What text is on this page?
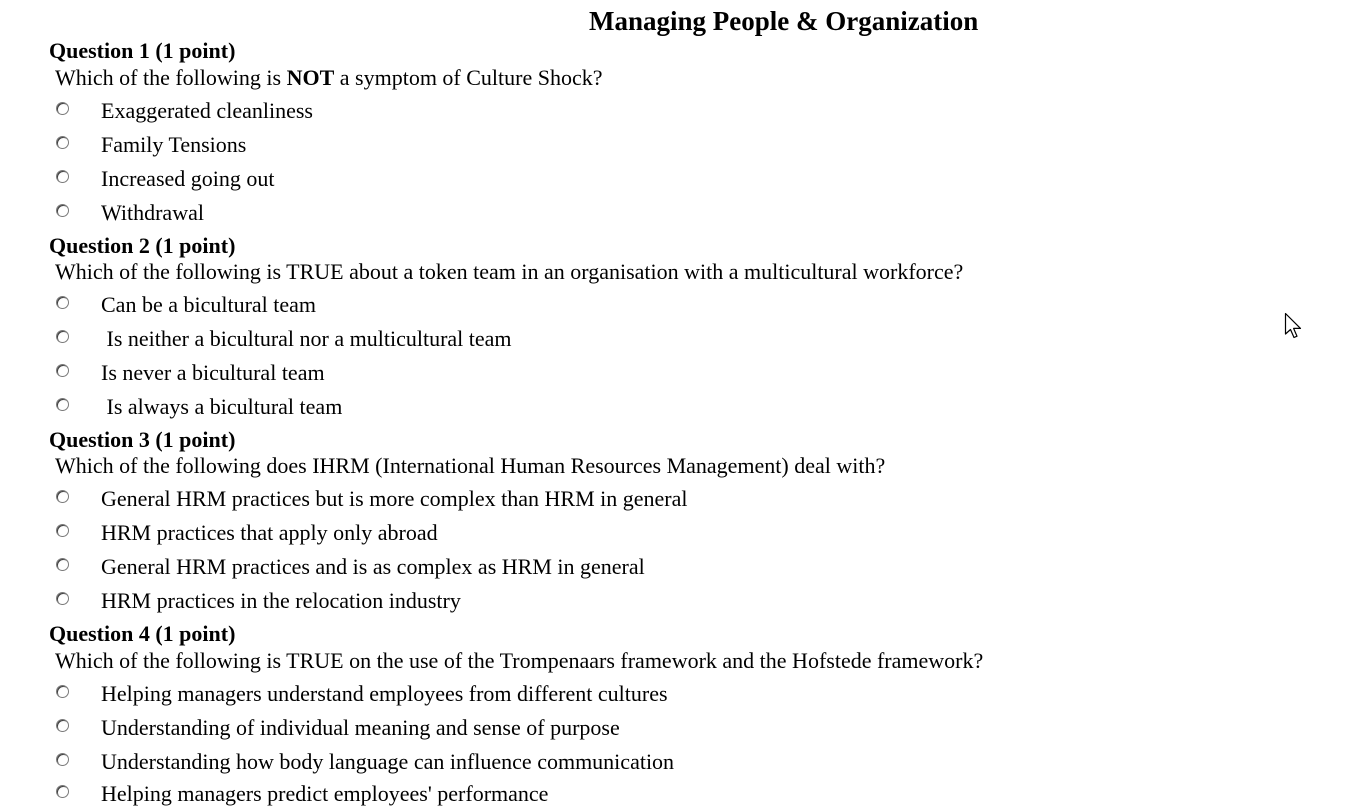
Managing People & Organization
Question 1 (1 point)
Which of the following is NOT a symptom of Culture Shock?
Exaggerated cleanliness
Family Tensions
Increased going out
Withdrawal
Question 2 (1 point)
Which of the following is TRUE about a token team in an organisation with a multicultural workforce?
Can be a bicultural team
Is neither a bicultural nor a multicultural team
Is never a bicultural team
Is always a bicultural team
Question 3 (1 point)
Which of the following does IHRM (International Human Resources Management) deal with?
General HRM practices but is more complex than HRM in general
HRM practices that apply only abroad
General HRM practices and is as complex as HRM in general
HRM practices in the relocation industry
Question 4 (1 point)
Which of the following is TRUE on the use of the Trompenaars framework and the Hofstede framework?
Helping managers understand employees from different cultures
Understanding of individual meaning and sense of purpose
Understanding how body language can influence communication
Helping managers predict employees' performance
